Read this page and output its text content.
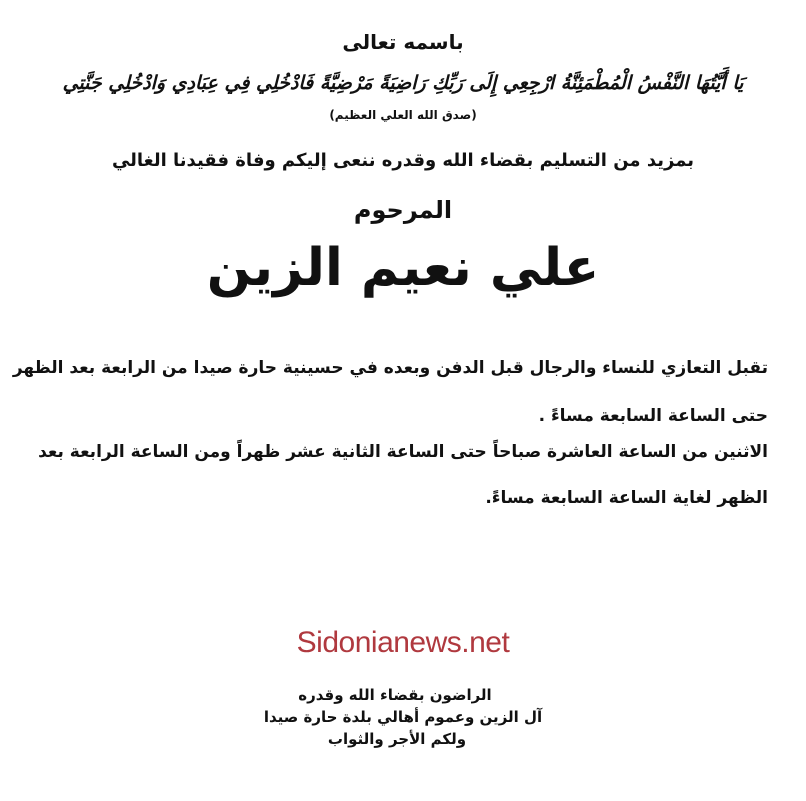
باسمه تعالى
يَا أَيَّتُهَا النَّفْسُ الْمُطْمَئِنَّةُ ارْجِعِي إِلَى رَبِّكِ رَاضِيَةً مَرْضِيَّةً فَادْخُلِي فِي عِبَادِي وَادْخُلِي جَنَّتِي
(صدق الله العلي العظيم)
بمزيد من التسليم بقضاء الله وقدره ننعى إليكم وفاة فقيدنا الغالي
المرحوم
علي نعيم الزين
تقبل التعازي للنساء والرجال قبل الدفن وبعده في حسينية حارة صيدا من الرابعة بعد الظهر
حتى الساعة السابعة مساءً .
الاثنين من الساعة العاشرة صباحاً حتى الساعة الثانية عشر ظهراً ومن الساعة الرابعة بعد
الظهر لغاية الساعة السابعة مساءً.
Sidonianews.net
الراضون بقضاء الله وقدره
آل الزين وعموم أهالي بلدة حارة صيدا
ولكم الأجر والثواب
